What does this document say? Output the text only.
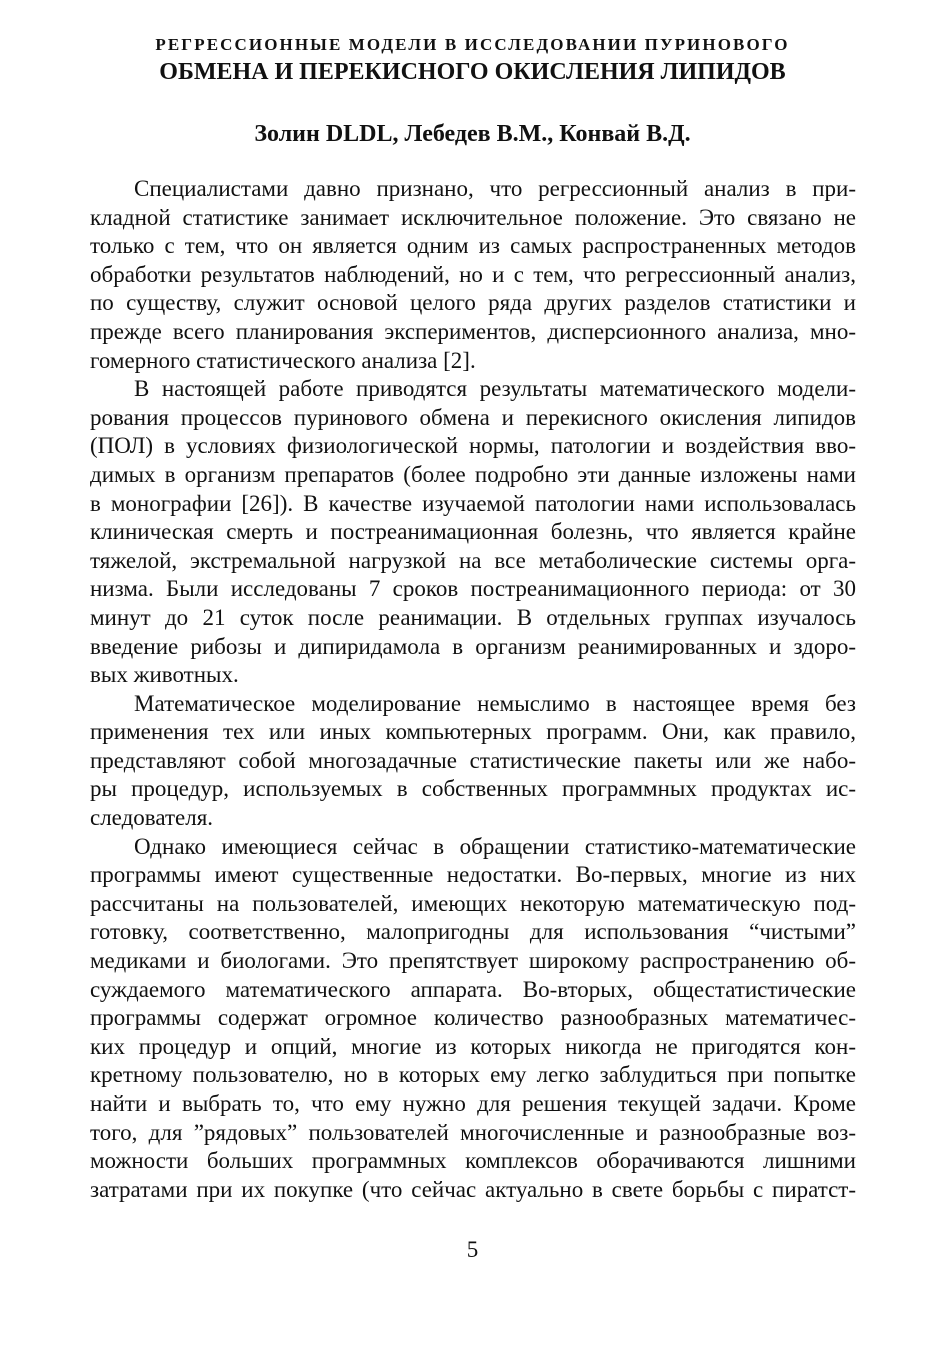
РЕГРЕССИОННЫЕ МОДЕЛИ В ИССЛЕДОВАНИИ ПУРИНОВОГО
ОБМЕНА И ПЕРЕКИСНОГО ОКИСЛЕНИЯ ЛИПИДОВ
Золин DLDL, Лебедев В.М., Конвай В.Д.

Специалистами давно признано, что регрессионный анализ в при-
кладной статистике занимает исключительное положение. Это связано не
только с тем, что он является одним из самых распространенных методов
обработки результатов наблюдений, но и с тем, что регрессионный анализ,
по существу, служит основой целого ряда других разделов статистики и
прежде всего планирования экспериментов, дисперсионного анализа, мно-
гомерного статистического анализа [2].

В настоящей работе приводятся результаты математического модели-
рования процессов пуринового обмена и перекисного окисления липидов
(ПОЛ) в условиях физиологической нормы, патологии и воздействия вво-
димых в организм препаратов (более подробно эти данные изложены нами
в монографии [26]). В качестве изучаемой патологии нами использовалась
клиническая смерть и постреанимационная болезнь, что является крайне
тяжелой, экстремальной нагрузкой на все метаболические системы орга-
низма. Были исследованы 7 сроков постреанимационного периода: от 30
минут до 21 суток после реанимации. В отдельных группах изучалось
введение рибозы и дипиридамола в организм реанимированных и здоро-
вых животных.

Математическое моделирование немыслимо в настоящее время без
применения тех или иных компьютерных программ. Они, как правило,
представляют собой многозадачные статистические пакеты или же набо-
ры процедур, используемых в собственных программных продуктах ис-
следователя.

Однако имеющиеся сейчас в обращении статистико-математические
программы имеют существенные недостатки. Во-первых, многие из них
рассчитаны на пользователей, имеющих некоторую математическую под-
готовку, соответственно, малопригодны для использования “чистыми”
медиками и биологами. Это препятствует широкому распространению об-
суждаемого математического аппарата. Во-вторых, общестатистические
программы содержат огромное количество разнообразных математичес-
ких процедур и опций, многие из которых никогда не пригодятся кон-
кретному пользователю, но в которых ему легко заблудиться при попытке
найти и выбрать то, что ему нужно для решения текущей задачи. Кроме
того, для ”рядовых” пользователей многочисленные и разнообразные воз-
можности больших программных комплексов оборачиваются лишними
затратами при их покупке (что сейчас актуально в свете борьбы с пиратст-

5
